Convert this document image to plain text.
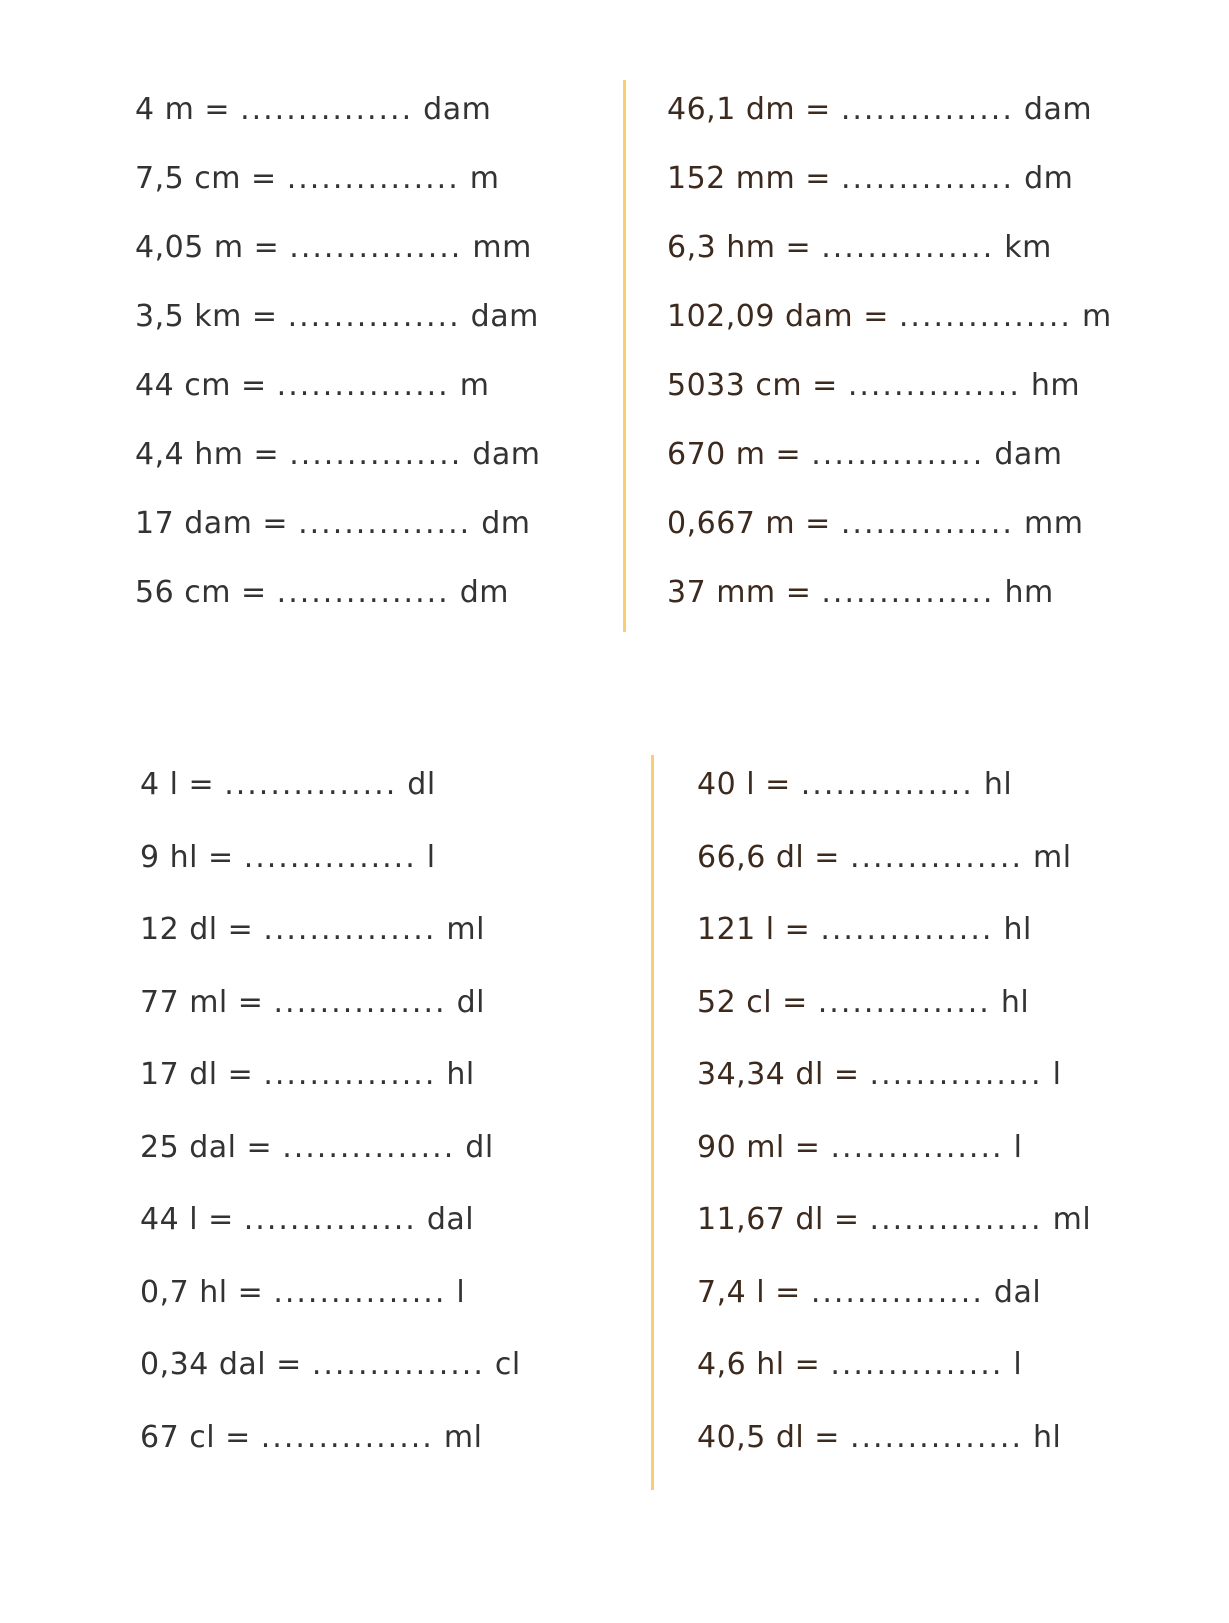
4 m = ............... dam
7,5 cm = ............... m
4,05 m = ............... mm
3,5 km = ............... dam
44 cm = ............... m
4,4 hm = ............... dam
17 dam = ............... dm
56 cm = ............... dm
46,1 dm = ............... dam
152 mm = ............... dm
6,3 hm = ............... km
102,09 dam = ............... m
5033 cm = ............... hm
670 m = ............... dam
0,667 m = ............... mm
37 mm = ............... hm
4 l = ............... dl
9 hl = ............... l
12 dl = ............... ml
77 ml = ............... dl
17 dl = ............... hl
25 dal = ............... dl
44 l = ............... dal
0,7 hl = ............... l
0,34 dal = ............... cl
67 cl = ............... ml
40 l = ............... hl
66,6 dl = ............... ml
121 l = ............... hl
52 cl = ............... hl
34,34 dl = ............... l
90 ml = ............... l
11,67 dl = ............... ml
7,4 l = ............... dal
4,6 hl = ............... l
40,5 dl = ............... hl
